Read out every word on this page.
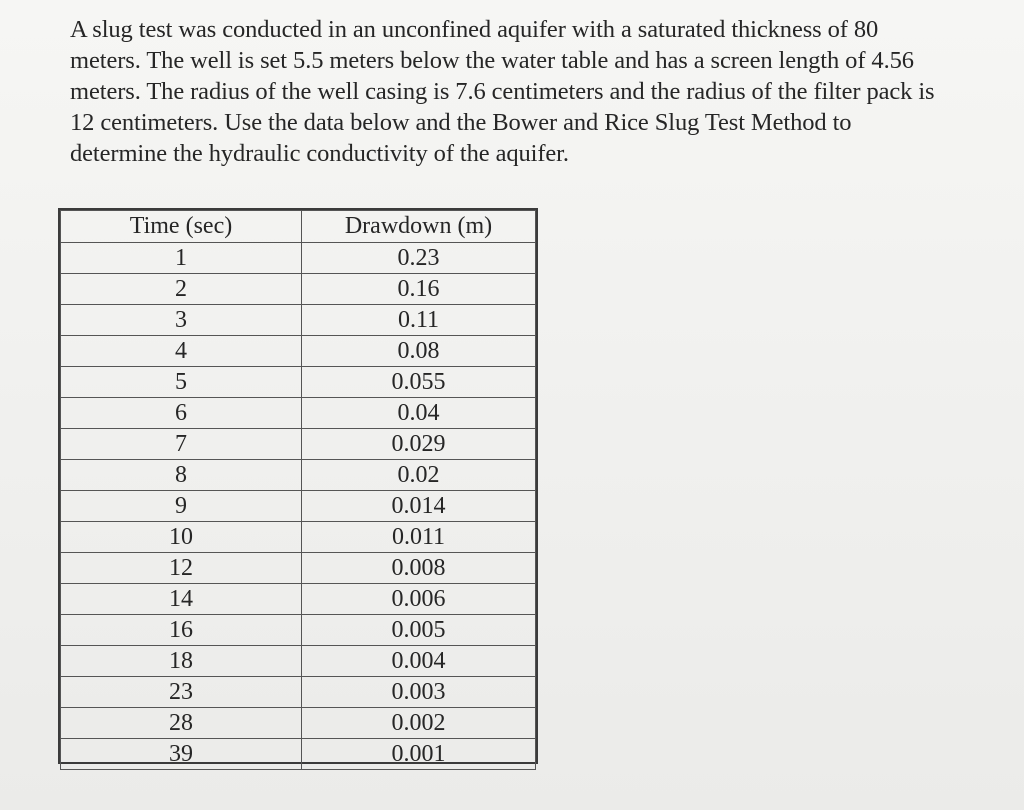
A slug test was conducted in an unconfined aquifer with a saturated thickness of 80
meters. The well is set 5.5 meters below the water table and has a screen length of 4.56
meters. The radius of the well casing is 7.6 centimeters and the radius of the filter pack is
12 centimeters. Use the data below and the Bower and Rice Slug Test Method to
determine the hydraulic conductivity of the aquifer.

Time (sec)	Drawdown (m)
1	0.23
2	0.16
3	0.11
4	0.08
5	0.055
6	0.04
7	0.029
8	0.02
9	0.014
10	0.011
12	0.008
14	0.006
16	0.005
18	0.004
23	0.003
28	0.002
39	0.001
